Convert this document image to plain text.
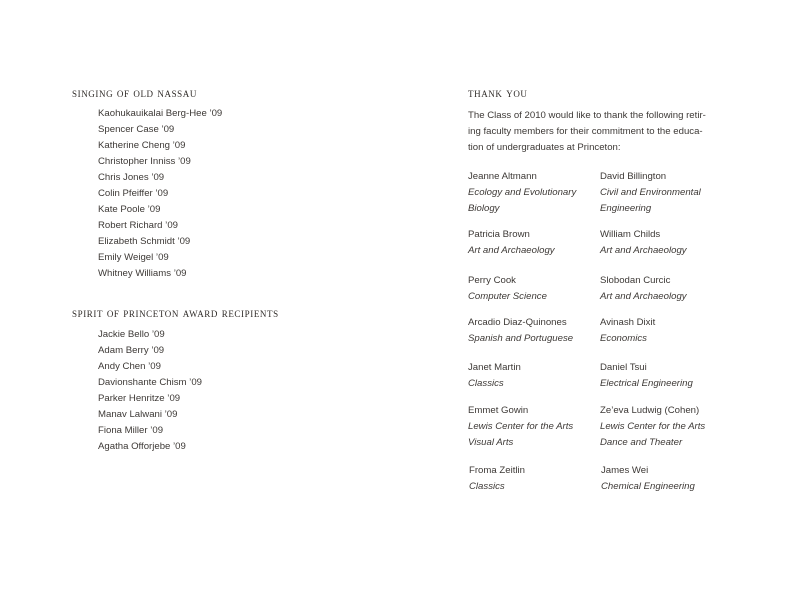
singing of old nassau
Kaohukauikalai Berg-Hee ’09
Spencer Case ’09
Katherine Cheng ’09
Christopher Inniss ’09
Chris Jones ’09
Colin Pfeiffer ’09
Kate Poole ’09
Robert Richard ’09
Elizabeth Schmidt ’09
Emily Weigel ’09
Whitney Williams ’09
spirit of princeton award recipients
Jackie Bello ’09
Adam Berry ’09
Andy Chen ’09
Davionshante Chism ’09
Parker Henritze ’09
Manav Lalwani ’09
Fiona Miller ’09
Agatha Offorjebe ’09
thank you
The Class of 2010 would like to thank the following retir-
ing faculty members for their commitment to the educa-
tion of undergraduates at Princeton:
Jeanne Altmann
Ecology and Evolutionary
Biology
David Billington
Civil and Environmental
Engineering
Patricia Brown
Art and Archaeology
William Childs
Art and Archaeology
Perry Cook
Computer Science
Slobodan Curcic
Art and Archaeology
Arcadio Diaz-Quinones
Spanish and Portuguese
Avinash Dixit
Economics
Janet Martin
Classics
Daniel Tsui
Electrical Engineering
Emmet Gowin
Lewis Center for the Arts
Visual Arts
Ze’eva Ludwig (Cohen)
Lewis Center for the Arts
Dance and Theater
Froma Zeitlin
Classics
James Wei
Chemical Engineering
